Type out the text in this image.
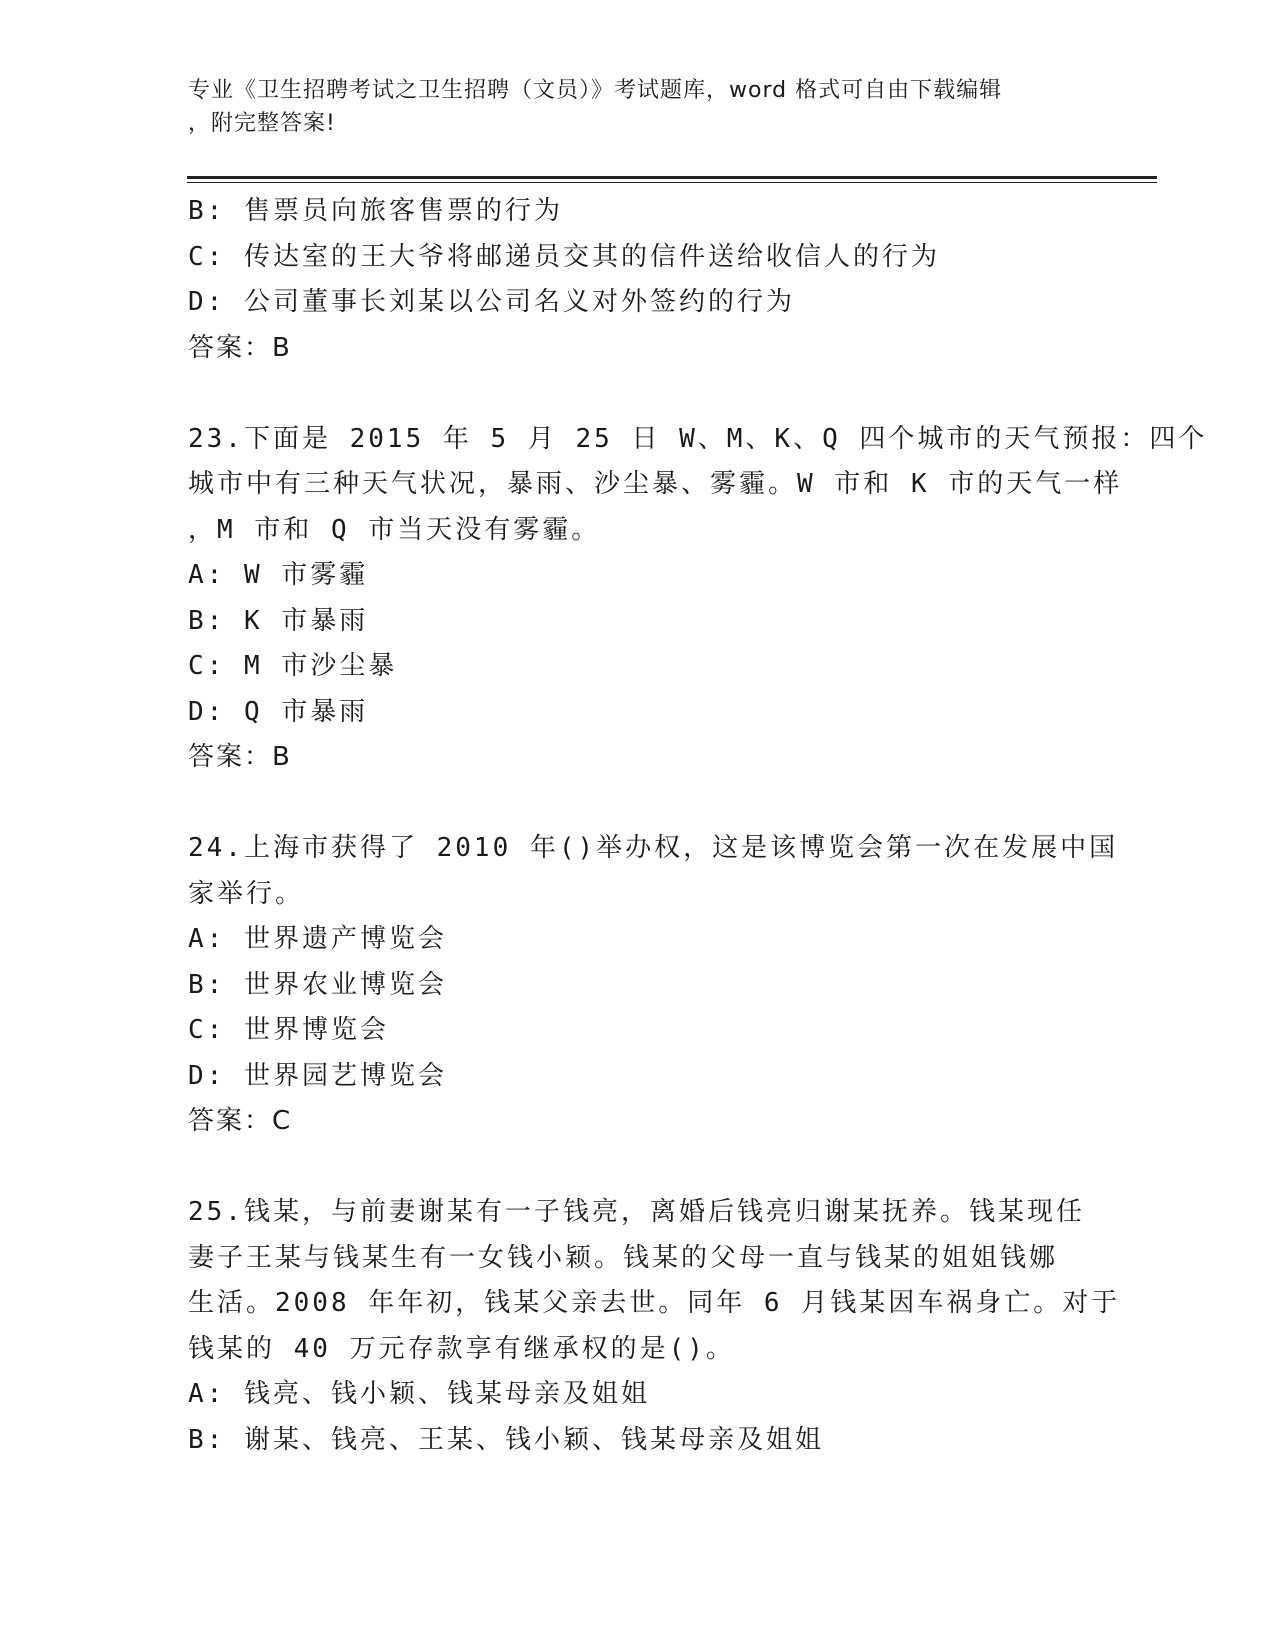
专业《卫生招聘考试之卫生招聘（文员）》考试题库，word 格式可自由下载编辑
，附完整答案!
B: 售票员向旅客售票的行为
C: 传达室的王大爷将邮递员交其的信件送给收信人的行为
D: 公司董事长刘某以公司名义对外签约的行为
答案：B
23.下面是 2015 年 5 月 25 日 W、M、K、Q 四个城市的天气预报：四个
城市中有三种天气状况，暴雨、沙尘暴、雾霾。W 市和 K 市的天气一样
，M 市和 Q 市当天没有雾霾。
A: W 市雾霾
B: K 市暴雨
C: M 市沙尘暴
D: Q 市暴雨
答案：B
24.上海市获得了 2010 年()举办权，这是该博览会第一次在发展中国
家举行。
A: 世界遗产博览会
B: 世界农业博览会
C: 世界博览会
D: 世界园艺博览会
答案：C
25.钱某，与前妻谢某有一子钱亮，离婚后钱亮归谢某抚养。钱某现任
妻子王某与钱某生有一女钱小颖。钱某的父母一直与钱某的姐姐钱娜
生活。2008 年年初，钱某父亲去世。同年 6 月钱某因车祸身亡。对于
钱某的 40 万元存款享有继承权的是()。
A: 钱亮、钱小颖、钱某母亲及姐姐
B: 谢某、钱亮、王某、钱小颖、钱某母亲及姐姐
